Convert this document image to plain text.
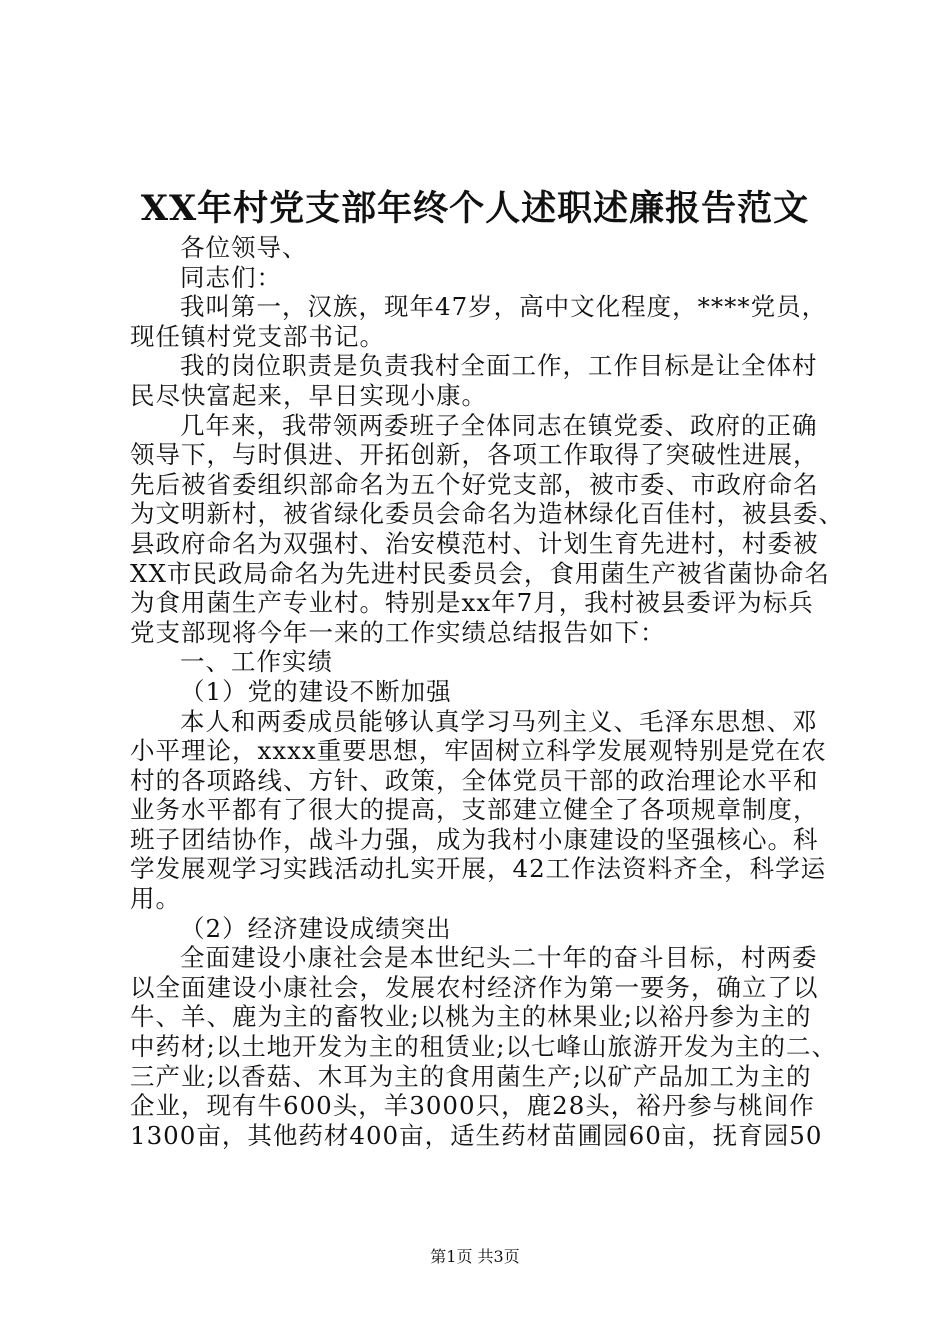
XX年村党支部年终个人述职述廉报告范文

各位领导、

同志们：

我叫第一，汉族，现年47岁，高中文化程度，****党员，

现任镇村党支部书记。

我的岗位职责是负责我村全面工作，工作目标是让全体村

民尽快富起来，早日实现小康。

几年来，我带领两委班子全体同志在镇党委、政府的正确

领导下，与时俱进、开拓创新，各项工作取得了突破性进展，

先后被省委组织部命名为五个好党支部，被市委、市政府命名

为文明新村，被省绿化委员会命名为造林绿化百佳村，被县委、

县政府命名为双强村、治安模范村、计划生育先进村，村委被

XX市民政局命名为先进村民委员会，食用菌生产被省菌协命名

为食用菌生产专业村。特别是xx年7月，我村被县委评为标兵

党支部现将今年一来的工作实绩总结报告如下：

一、工作实绩

（1）党的建设不断加强

本人和两委成员能够认真学习马列主义、毛泽东思想、邓

小平理论，xxxx重要思想，牢固树立科学发展观特别是党在农

村的各项路线、方针、政策，全体党员干部的政治理论水平和

业务水平都有了很大的提高，支部建立健全了各项规章制度，

班子团结协作，战斗力强，成为我村小康建设的坚强核心。科

学发展观学习实践活动扎实开展，42工作法资料齐全，科学运

用。

（2）经济建设成绩突出

全面建设小康社会是本世纪头二十年的奋斗目标，村两委

以全面建设小康社会，发展农村经济作为第一要务，确立了以

牛、羊、鹿为主的畜牧业;以桃为主的林果业;以裕丹参为主的

中药材;以土地开发为主的租赁业;以七峰山旅游开发为主的二、

三产业;以香菇、木耳为主的食用菌生产;以矿产品加工为主的

企业，现有牛600头，羊3000只，鹿28头，裕丹参与桃间作

1300亩，其他药材400亩，适生药材苗圃园60亩，抚育园50

第1页 共3页
